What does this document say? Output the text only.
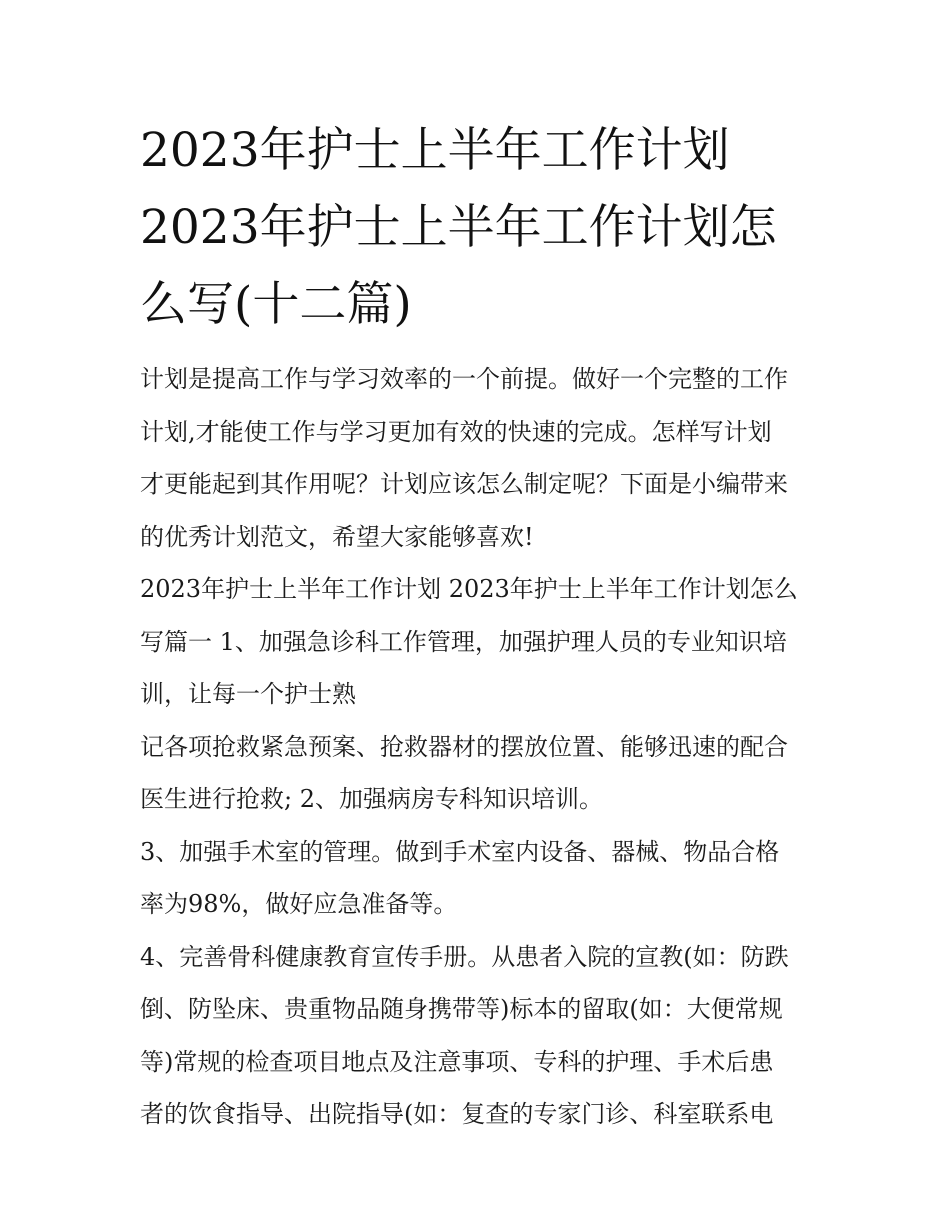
2023年护士上半年工作计划
2023年护士上半年工作计划怎
么写(十二篇)
计划是提高工作与学习效率的一个前提。做好一个完整的工作
计划,才能使工作与学习更加有效的快速的完成。怎样写计划
才更能起到其作用呢？计划应该怎么制定呢？下面是小编带来
的优秀计划范文，希望大家能够喜欢!
2023年护士上半年工作计划 2023年护士上半年工作计划怎么
写篇一 1、加强急诊科工作管理，加强护理人员的专业知识培
训，让每一个护士熟
记各项抢救紧急预案、抢救器材的摆放位置、能够迅速的配合
医生进行抢救; 2、加强病房专科知识培训。
3、加强手术室的管理。做到手术室内设备、器械、物品合格
率为98%，做好应急准备等。
4、完善骨科健康教育宣传手册。从患者入院的宣教(如：防跌
倒、防坠床、贵重物品随身携带等)标本的留取(如：大便常规
等)常规的检查项目地点及注意事项、专科的护理、手术后患
者的饮食指导、出院指导(如：复查的专家门诊、科室联系电
